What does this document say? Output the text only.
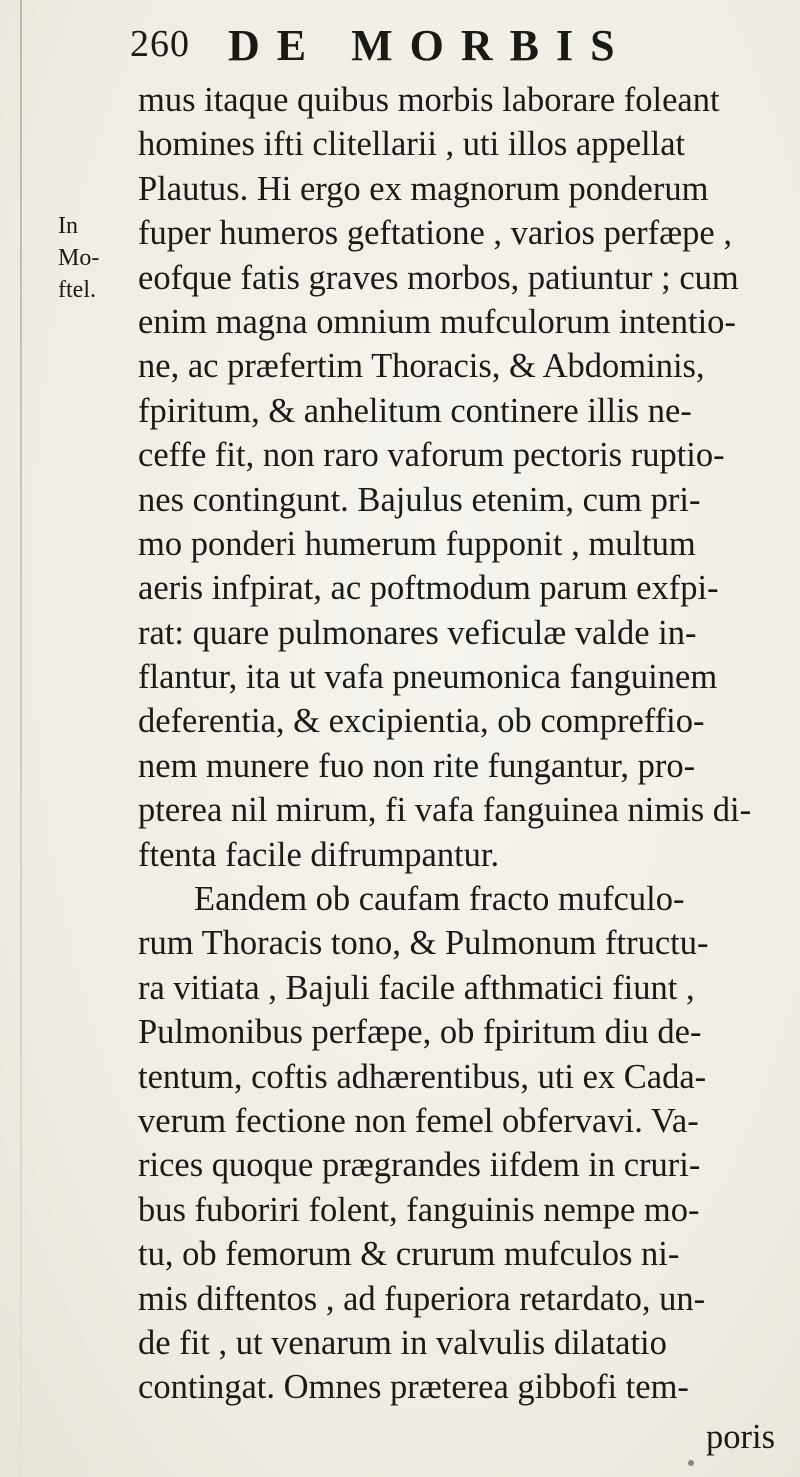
260 DE MORBIS
In Mo-
ftel.
mus itaque quibus morbis laborare foleant
homines ifti clitellarii , uti illos appellat
Plautus. Hi ergo ex magnorum ponderum
fuper humeros geftatione , varios perfæpe ,
eofque fatis graves morbos, patiuntur ; cum
enim magna omnium mufculorum intentio-
ne, ac præfertim Thoracis, & Abdominis,
fpiritum, & anhelitum continere illis ne-
ceffe fit, non raro vaforum pectoris ruptio-
nes contingunt. Bajulus etenim, cum pri-
mo ponderi humerum fupponit , multum
aeris infpirat, ac poftmodum parum exfpi-
rat: quare pulmonares veficulæ valde in-
flantur, ita ut vafa pneumonica fanguinem
deferentia, & excipientia, ob compreffio-
nem munere fuo non rite fungantur, pro-
pterea nil mirum, fi vafa fanguinea nimis di-
ftenta facile difrumpantur.
Eandem ob caufam fracto mufculo-
rum Thoracis tono, & Pulmonum ftructu-
ra vitiata , Bajuli facile afthmatici fiunt ,
Pulmonibus perfæpe, ob fpiritum diu de-
tentum, coftis adhærentibus, uti ex Cada-
verum fectione non femel obfervavi. Va-
rices quoque prægrandes iifdem in cruri-
bus fuboriri folent, fanguinis nempe mo-
tu, ob femorum & crurum mufculos ni-
mis diftentos , ad fuperiora retardato, un-
de fit , ut venarum in valvulis dilatatio
contingat. Omnes præterea gibbofi tem-
poris
